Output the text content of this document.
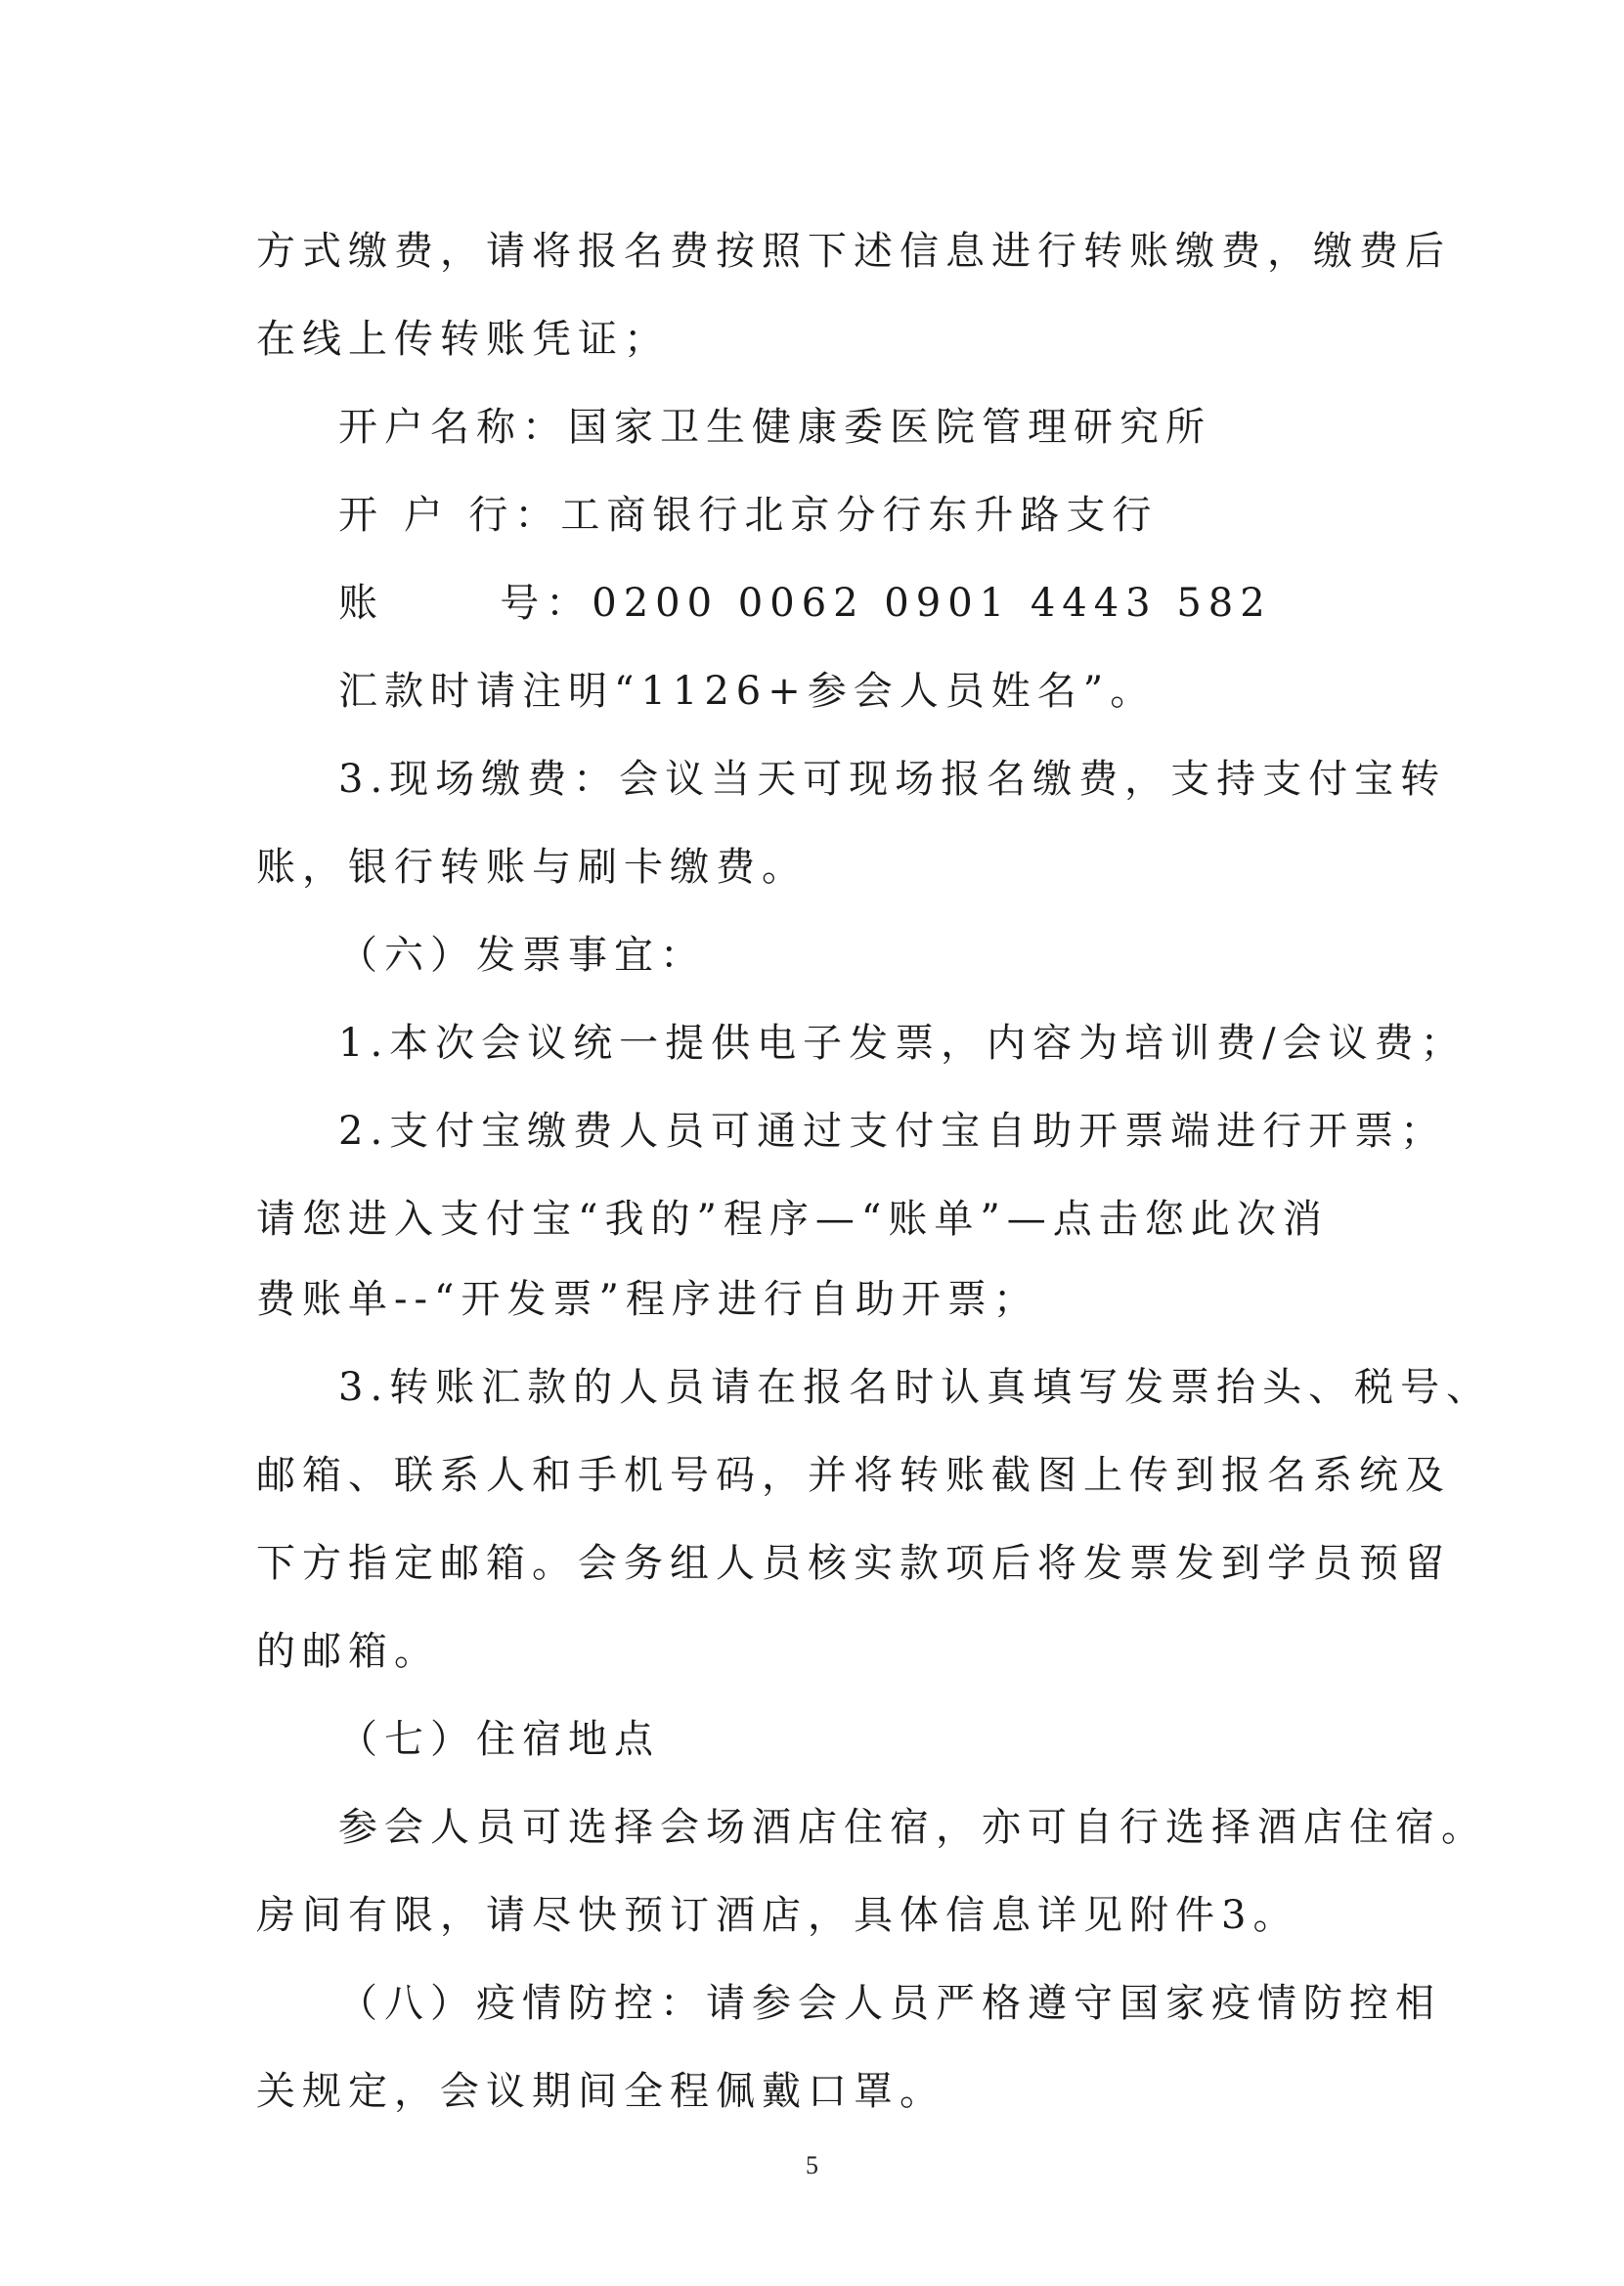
方式缴费，请将报名费按照下述信息进行转账缴费，缴费后
在线上传转账凭证；
开户名称：国家卫生健康委医院管理研究所
开 户 行：工商银行北京分行东升路支行
账      号：0200 0062 0901 4443 582
汇款时请注明“1126+参会人员姓名”。
3.现场缴费：会议当天可现场报名缴费，支持支付宝转
账，银行转账与刷卡缴费。
（六）发票事宜：
1.本次会议统一提供电子发票，内容为培训费/会议费；
2.支付宝缴费人员可通过支付宝自助开票端进行开票；
请您进入支付宝“我的”程序—“账单”—点击您此次消
费账单--“开发票”程序进行自助开票；
3.转账汇款的人员请在报名时认真填写发票抬头、税号、
邮箱、联系人和手机号码，并将转账截图上传到报名系统及
下方指定邮箱。会务组人员核实款项后将发票发到学员预留
的邮箱。
（七）住宿地点
参会人员可选择会场酒店住宿，亦可自行选择酒店住宿。
房间有限，请尽快预订酒店，具体信息详见附件3。
（八）疫情防控：请参会人员严格遵守国家疫情防控相
关规定，会议期间全程佩戴口罩。
5
